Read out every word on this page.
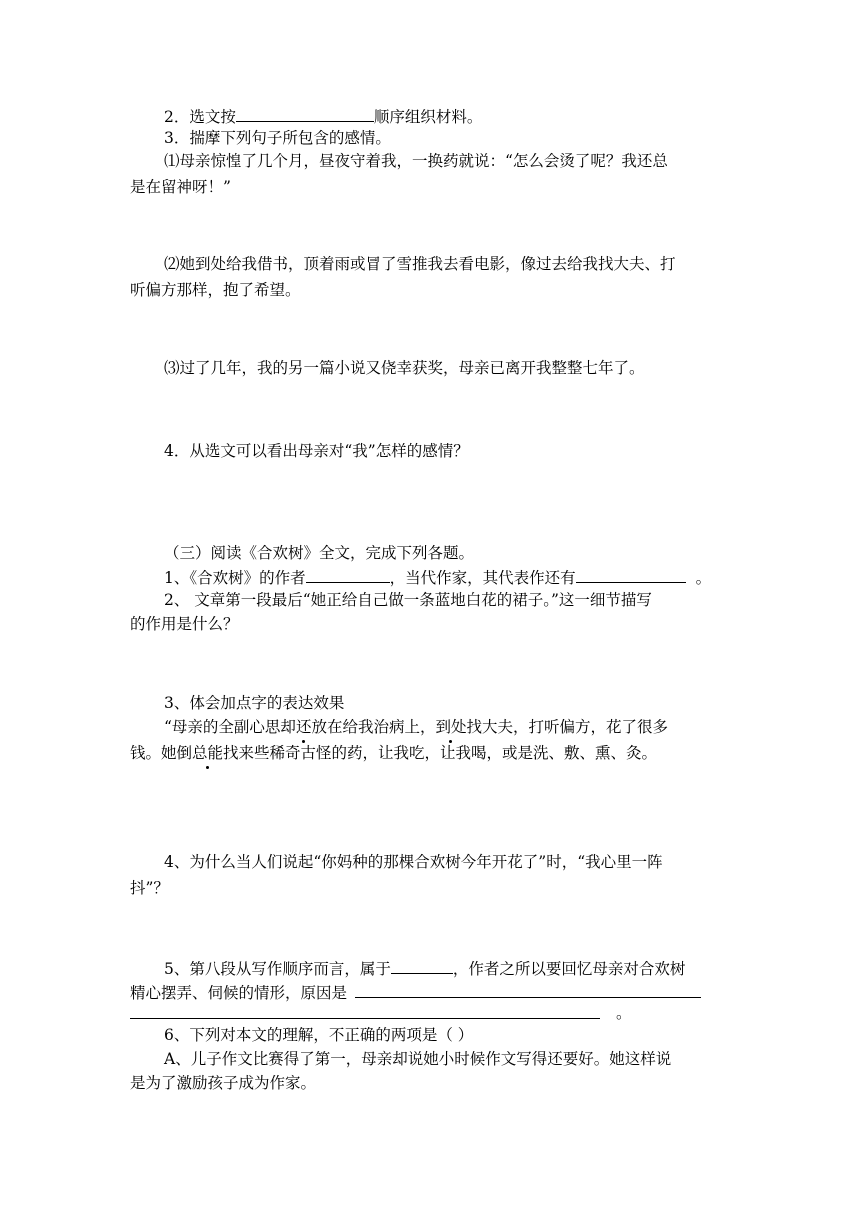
2．选文按	顺序组织材料。
3．揣摩下列句子所包含的感情。
⑴母亲惊惶了几个月，昼夜守着我，一换药就说：“怎么会烫了呢？我还总
是在留神呀！”
⑵她到处给我借书，顶着雨或冒了雪推我去看电影，像过去给我找大夫、打
听偏方那样，抱了希望。
⑶过了几年，我的另一篇小说又侥幸获奖，母亲已离开我整整七年了。
4．从选文可以看出母亲对“我”怎样的感情？
（三）阅读《合欢树》全文，完成下列各题。
1、《合欢树》的作者	，当代作家，其代表作还有	。
2、 文章第一段最后“她正给自己做一条蓝地白花的裙子。”这一细节描写
的作用是什么？
3、体会加点字的表达效果
“母亲的全副心思却还放在给我治病上，到处找大夫，打听偏方，花了很多
钱。她倒总能找来些稀奇古怪的药，让我吃，让我喝，或是洗、敷、熏、灸。
4、为什么当人们说起“你妈种的那棵合欢树今年开花了”时，“我心里一阵
抖”？
5、第八段从写作顺序而言，属于	，作者之所以要回忆母亲对合欢树
精心摆弄、伺候的情形，原因是
。
6、下列对本文的理解，不正确的两项是（ ）
A、儿子作文比赛得了第一，母亲却说她小时候作文写得还要好。她这样说
是为了激励孩子成为作家。
